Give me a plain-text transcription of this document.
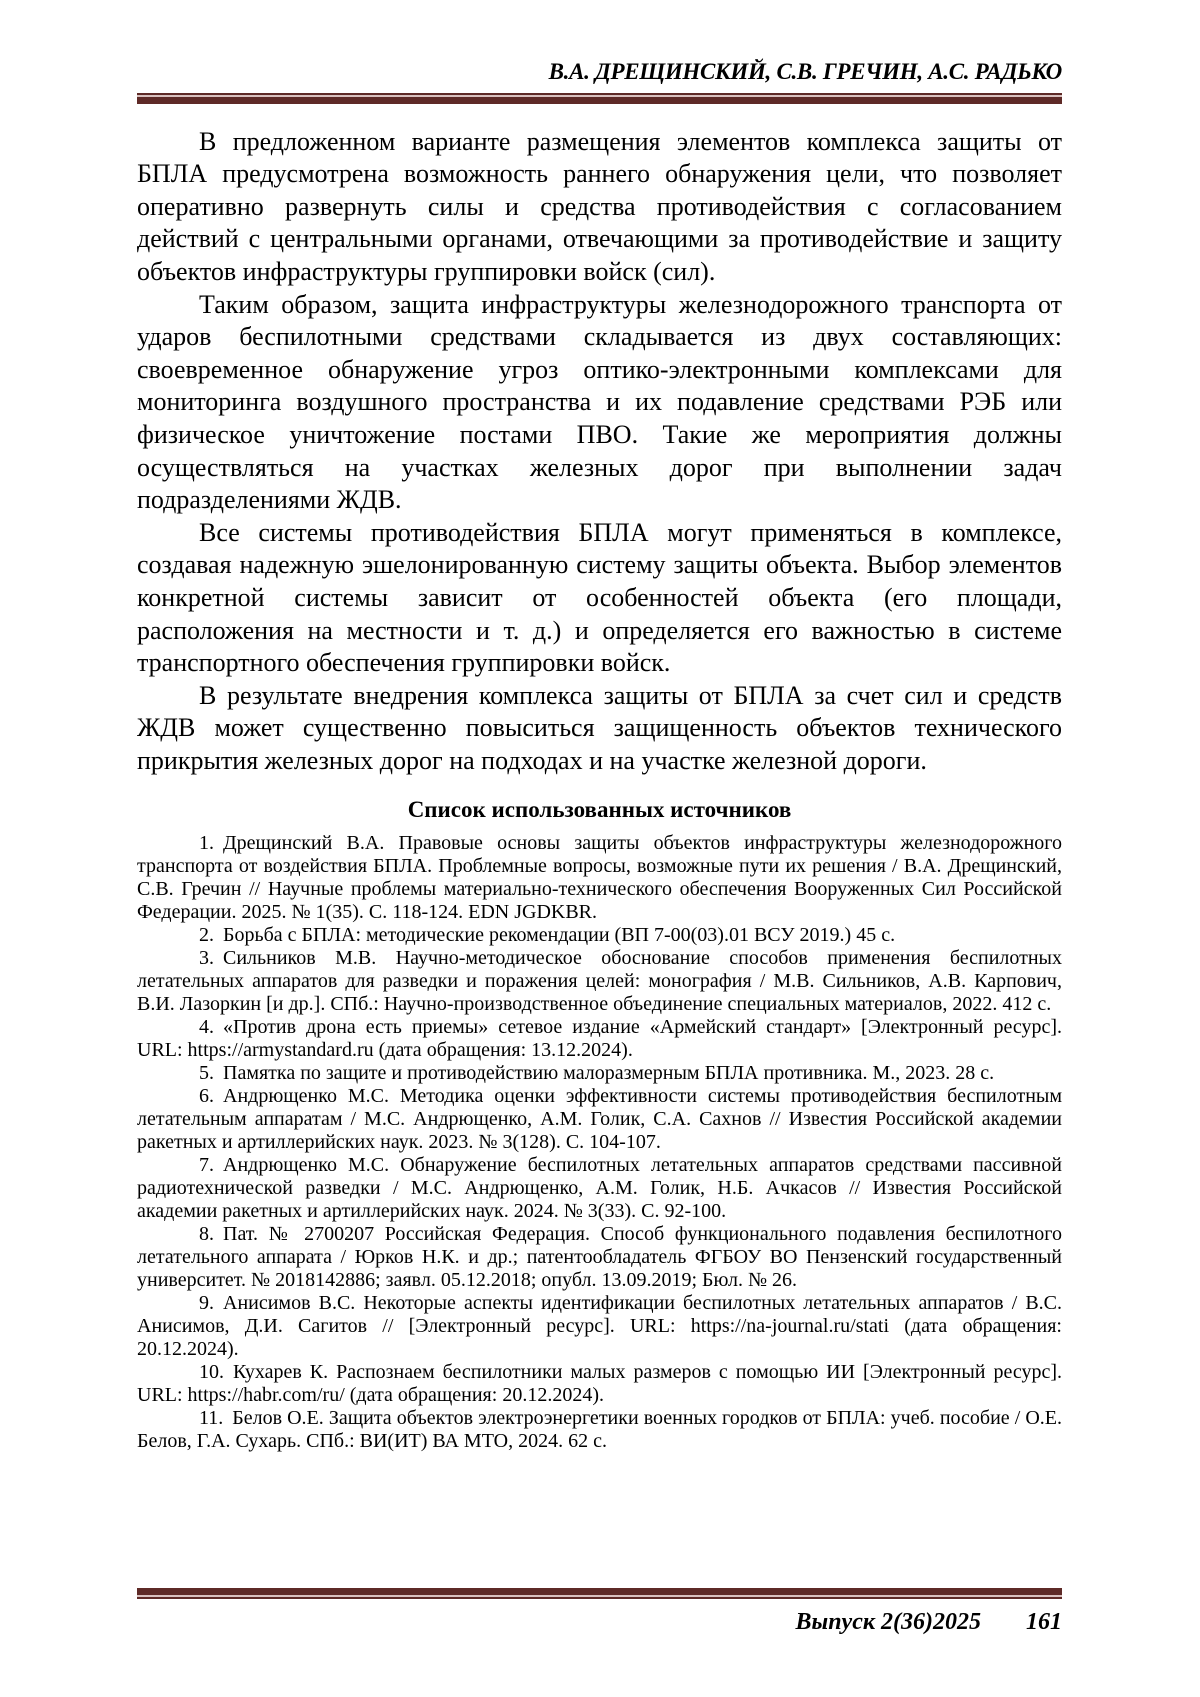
В.А. ДРЕЩИНСКИЙ, С.В. ГРЕЧИН, А.С. РАДЬКО

В предложенном варианте размещения элементов комплекса защиты от БПЛА предусмотрена возможность раннего обнаружения цели, что позволяет оперативно развернуть силы и средства противодействия с согласованием действий с центральными органами, отвечающими за противодействие и защиту объектов инфраструктуры группировки войск (сил).

Таким образом, защита инфраструктуры железнодорожного транспорта от ударов беспилотными средствами складывается из двух составляющих: своевременное обнаружение угроз оптико-электронными комплексами для мониторинга воздушного пространства и их подавление средствами РЭБ или физическое уничтожение постами ПВО. Такие же мероприятия должны осуществляться на участках железных дорог при выполнении задач подразделениями ЖДВ.

Все системы противодействия БПЛА могут применяться в комплексе, создавая надежную эшелонированную систему защиты объекта. Выбор элементов конкретной системы зависит от особенностей объекта (его площади, расположения на местности и т. д.) и определяется его важностью в системе транспортного обеспечения группировки войск.

В результате внедрения комплекса защиты от БПЛА за счет сил и средств ЖДВ может существенно повыситься защищенность объектов технического прикрытия железных дорог на подходах и на участке железной дороги.

Список использованных источников

1. Дрещинский В.А. Правовые основы защиты объектов инфраструктуры железнодорожного транспорта от воздействия БПЛА. Проблемные вопросы, возможные пути их решения / В.А. Дрещинский, С.В. Гречин // Научные проблемы материально-технического обеспечения Вооруженных Сил Российской Федерации. 2025. № 1(35). С. 118-124. EDN JGDKBR.

2. Борьба с БПЛА: методические рекомендации (ВП 7-00(03).01 ВСУ 2019.) 45 с.

3. Сильников М.В. Научно-методическое обоснование способов применения беспилотных летательных аппаратов для разведки и поражения целей: монография / М.В. Сильников, А.В. Карпович, В.И. Лазоркин [и др.]. СПб.: Научно-производственное объединение специальных материалов, 2022. 412 с.

4. «Против дрона есть приемы» сетевое издание «Армейский стандарт» [Электронный ресурс]. URL: https://armystandard.ru (дата обращения: 13.12.2024).

5. Памятка по защите и противодействию малоразмерным БПЛА противника. М., 2023. 28 с.

6. Андрющенко М.С. Методика оценки эффективности системы противодействия беспилотным летательным аппаратам / М.С. Андрющенко, А.М. Голик, С.А. Сахнов // Известия Российской академии ракетных и артиллерийских наук. 2023. № 3(128). С. 104-107.

7. Андрющенко М.С. Обнаружение беспилотных летательных аппаратов средствами пассивной радиотехнической разведки / М.С. Андрющенко, А.М. Голик, Н.Б. Ачкасов // Известия Российской академии ракетных и артиллерийских наук. 2024. № 3(33). С. 92-100.

8. Пат. № 2700207 Российская Федерация. Способ функционального подавления беспилотного летательного аппарата / Юрков Н.К. и др.; патентообладатель ФГБОУ ВО Пензенский государственный университет. № 2018142886; заявл. 05.12.2018; опубл. 13.09.2019; Бюл. № 26.

9. Анисимов В.С. Некоторые аспекты идентификации беспилотных летательных аппаратов / В.С. Анисимов, Д.И. Сагитов // [Электронный ресурс]. URL: https://na-journal.ru/stati (дата обращения: 20.12.2024).

10. Кухарев К. Распознаем беспилотники малых размеров с помощью ИИ [Электронный ресурс]. URL: https://habr.com/ru/ (дата обращения: 20.12.2024).

11. Белов О.Е. Защита объектов электроэнергетики военных городков от БПЛА: учеб. пособие / О.Е. Белов, Г.А. Сухарь. СПб.: ВИ(ИТ) ВА МТО, 2024. 62 с.

Выпуск 2(36)2025 161
